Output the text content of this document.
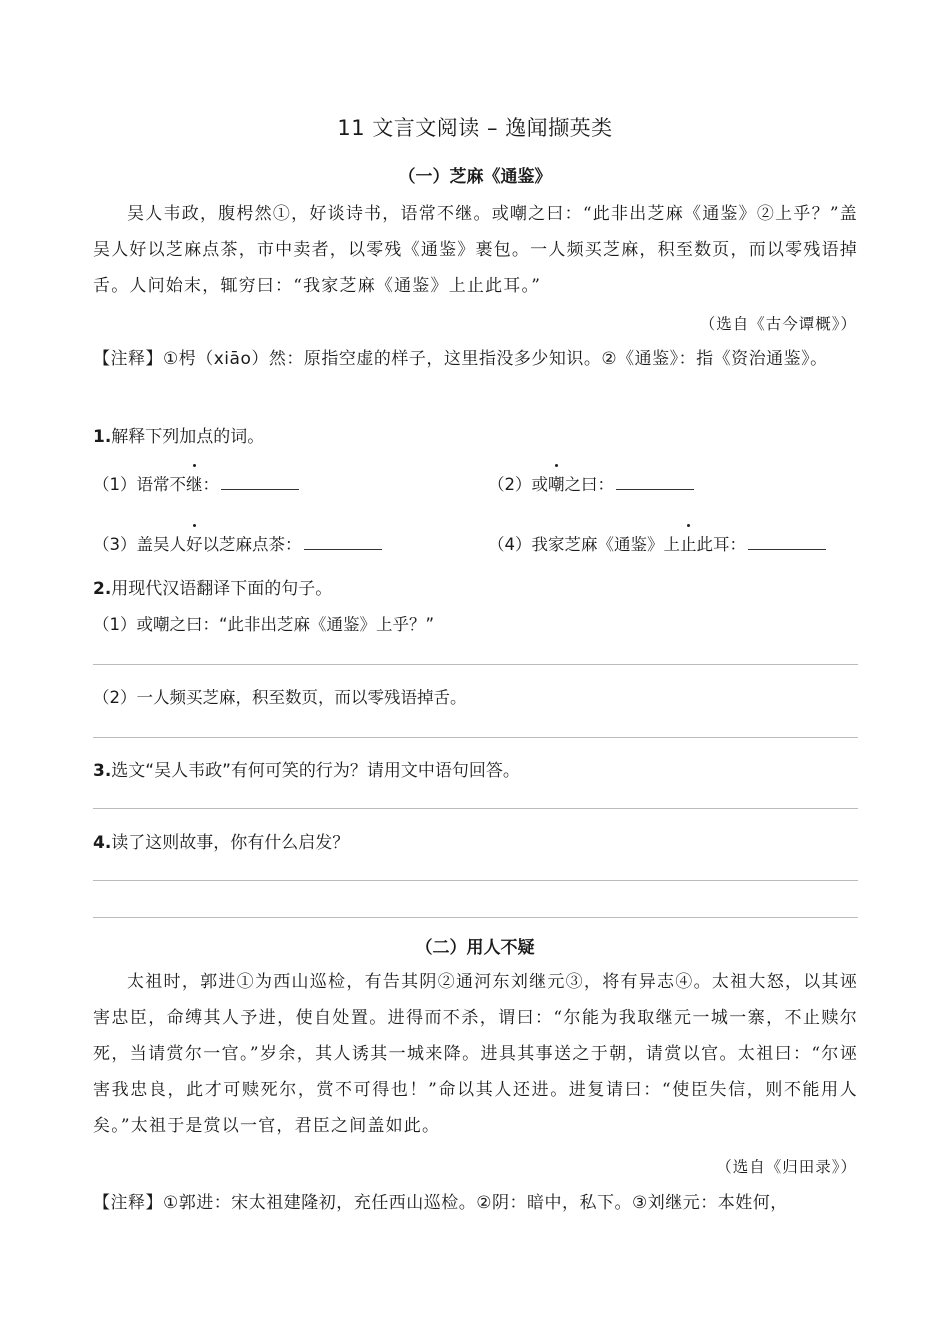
11 文言文阅读 – 逸闻撷英类
（一）芝麻《通鉴》
吴人韦政，腹枵然①，好谈诗书，语常不继。或嘲之曰：“此非出芝麻《通鉴》②上乎？”盖吴人好以芝麻点茶，市中卖者，以零残《通鉴》裹包。一人频买芝麻，积至数页，而以零残语掉舌。人问始末，辄穷曰：“我家芝麻《通鉴》上止此耳。”
（选自《古今谭概》）
【注释】①枵（xiāo）然：原指空虚的样子，这里指没多少知识。②《通鉴》：指《资治通鉴》。
1.解释下列加点的词。
（1）语常不继：	（2）或嘲之曰：
（3）盖吴人好以芝麻点茶：	（4）我家芝麻《通鉴》上止此耳：
2.用现代汉语翻译下面的句子。
（1）或嘲之曰：“此非出芝麻《通鉴》上乎？”
（2）一人频买芝麻，积至数页，而以零残语掉舌。
3.选文“吴人韦政”有何可笑的行为？请用文中语句回答。
4.读了这则故事，你有什么启发？
（二）用人不疑
太祖时，郭进①为西山巡检，有告其阴②通河东刘继元③，将有异志④。太祖大怒，以其诬害忠臣，命缚其人予进，使自处置。进得而不杀，谓曰：“尔能为我取继元一城一寨，不止赎尔死，当请赏尔一官。”岁余，其人诱其一城来降。进具其事送之于朝，请赏以官。太祖曰：“尔诬害我忠良，此才可赎死尔，赏不可得也！”命以其人还进。进复请曰：“使臣失信，则不能用人矣。”太祖于是赏以一官，君臣之间盖如此。
（选自《归田录》）
【注释】①郭进：宋太祖建隆初，充任西山巡检。②阴：暗中，私下。③刘继元：本姓何，
